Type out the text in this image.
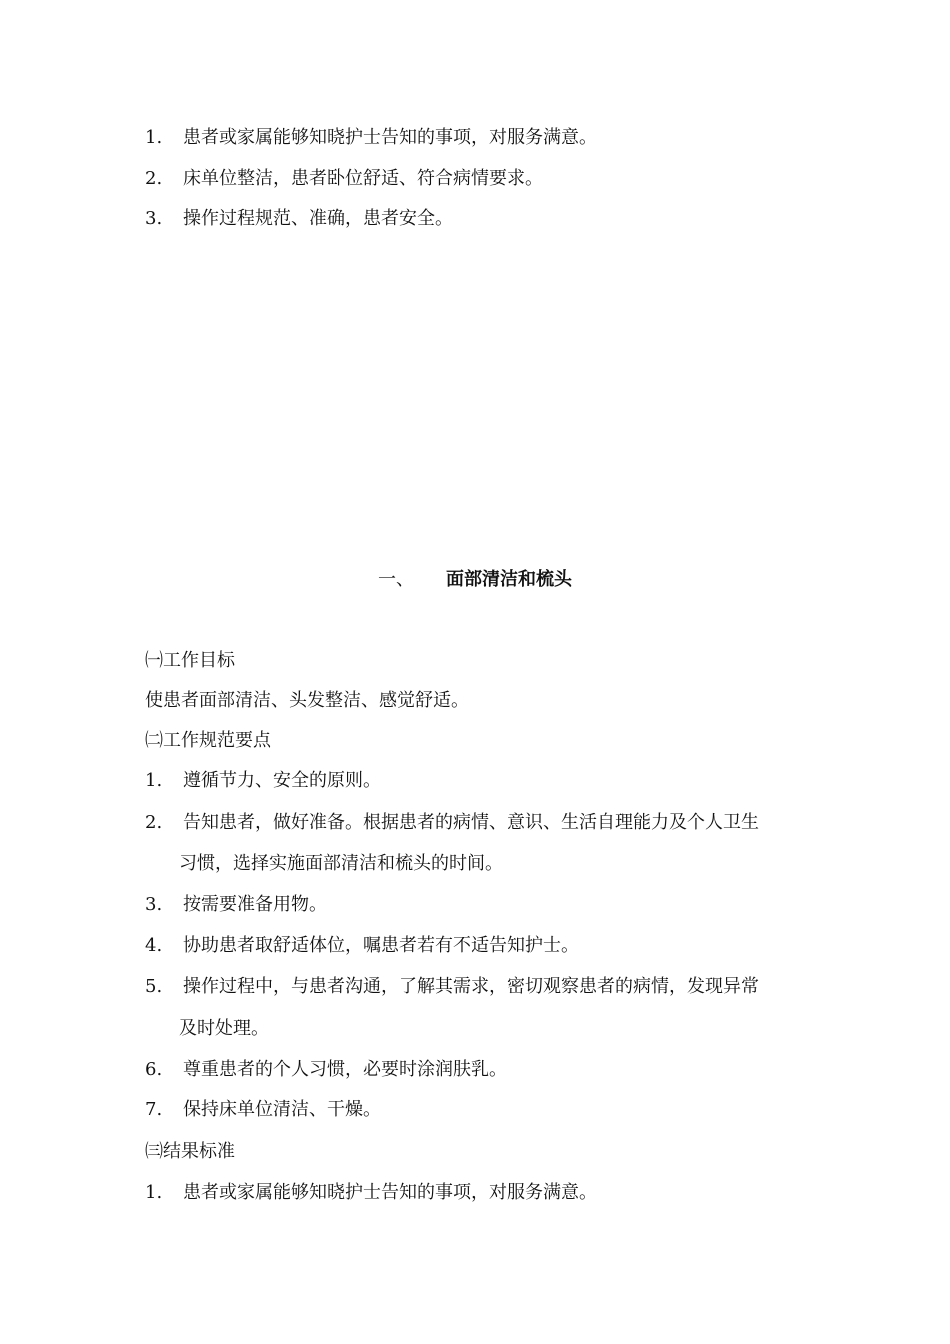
1. 患者或家属能够知晓护士告知的事项，对服务满意。
2. 床单位整洁，患者卧位舒适、符合病情要求。
3. 操作过程规范、准确，患者安全。
一、 面部清洁和梳头
㈠工作目标
使患者面部清洁、头发整洁、感觉舒适。
㈡工作规范要点
1. 遵循节力、安全的原则。
2. 告知患者，做好准备。根据患者的病情、意识、生活自理能力及个人卫生
习惯，选择实施面部清洁和梳头的时间。
3. 按需要准备用物。
4. 协助患者取舒适体位，嘱患者若有不适告知护士。
5. 操作过程中，与患者沟通，了解其需求，密切观察患者的病情，发现异常
及时处理。
6. 尊重患者的个人习惯，必要时涂润肤乳。
7. 保持床单位清洁、干燥。
㈢结果标准
1. 患者或家属能够知晓护士告知的事项，对服务满意。
